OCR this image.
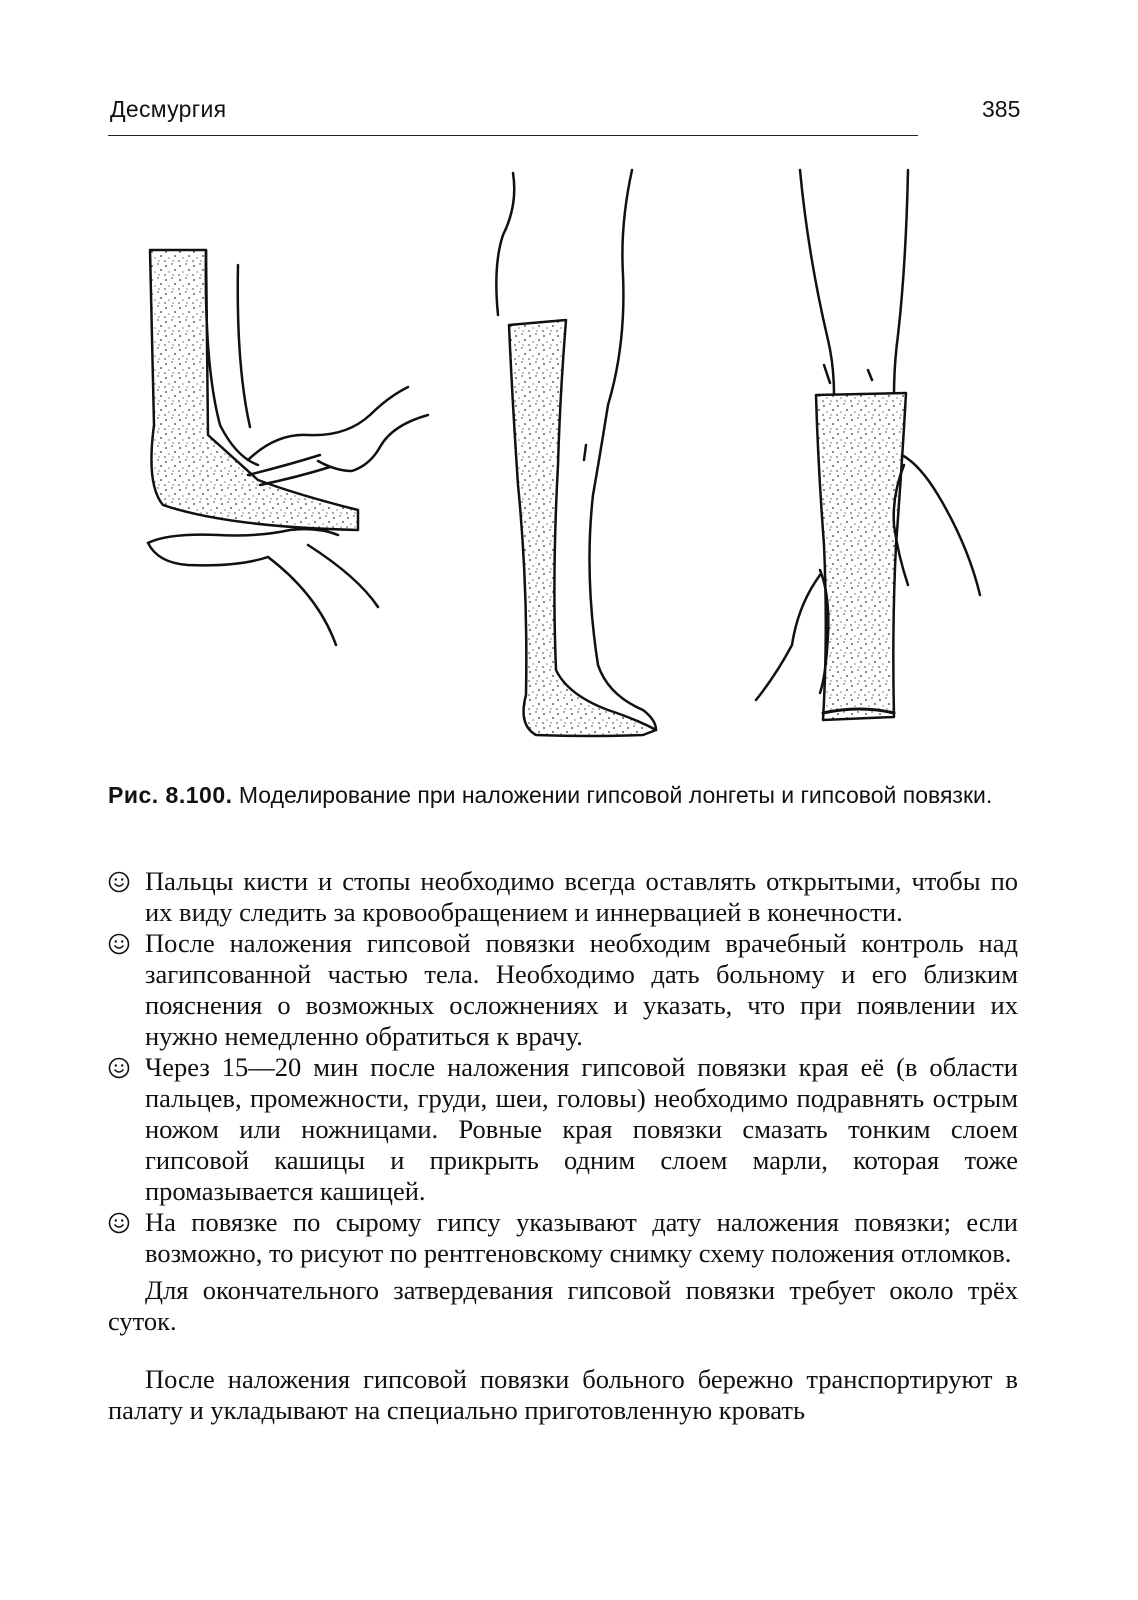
Десмургия	385
Рис. 8.100. Моделирование при наложении гипсовой лонгеты и гипсовой повязки.
Пальцы кисти и стопы необходимо всегда оставлять открытыми, чтобы по их виду следить за кровообращением и иннервацией в конечности.
После наложения гипсовой повязки необходим врачебный контроль над загипсованной частью тела. Необходимо дать больному и его близким пояснения о возможных осложнениях и указать, что при появлении их нужно немедленно обратиться к врачу.
Через 15—20 мин после наложения гипсовой повязки края её (в области пальцев, промежности, груди, шеи, головы) необходимо подравнять острым ножом или ножницами. Ровные края повязки смазать тонким слоем гипсовой кашицы и прикрыть одним слоем марли, которая тоже промазывается кашицей.
На повязке по сырому гипсу указывают дату наложения повязки; если возможно, то рисуют по рентгеновскому снимку схему положения отломков.

Для окончательного затвердевания гипсовой повязки требует около трёх суток.

После наложения гипсовой повязки больного бережно транспортируют в палату и укладывают на специально приготовленную кровать
